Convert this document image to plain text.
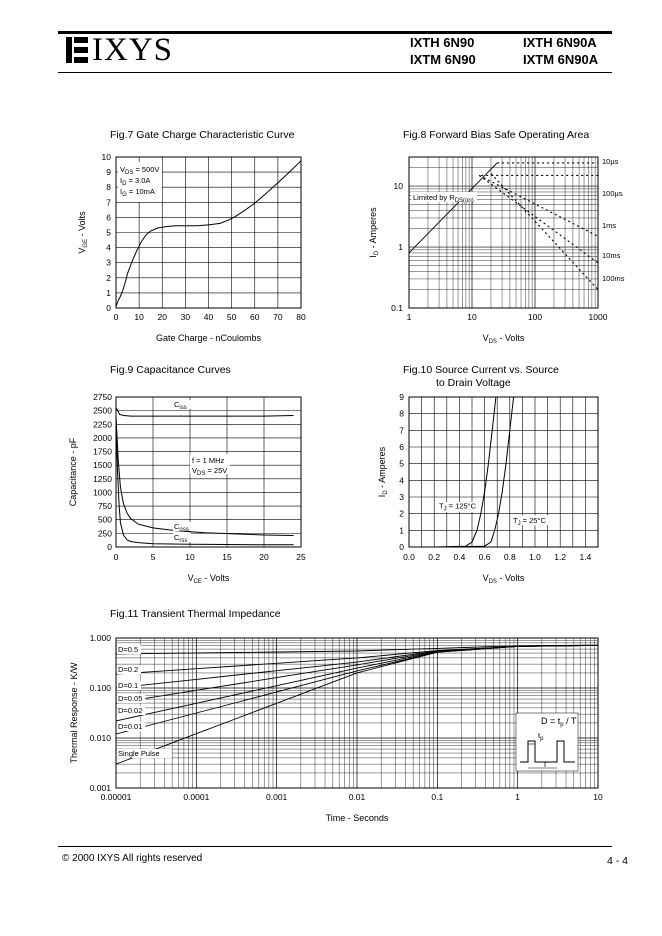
IXYS	IXTH 6N90	IXTH 6N90A
IXTM 6N90	IXTM 6N90A
Fig.7 Gate Charge Characteristic Curve	Fig.8 Forward Bias Safe Operating Area
Fig.9 Capacitance Curves	Fig.10 Source Current vs. Source
to Drain Voltage
Fig.11 Transient Thermal Impedance
0 10 20 30 40 50 60 70 80
0
1
2
3
4
5
6
7
8
9
10
$V_{DS} = 500V$
$I_D = 3.0A$
$I_G = 10mA$
Gate Charge - nCoulombs
$V_{GE}$ - Volts
1	10	100	1000
0.1
1
10
10µs
100µs
1ms
10ms
100ms
Limited by $R_{DS(on)}$
$V_{DS}$ - Volts
$I_D$ - Amperes
0	5	10	15	20	25
0
250
500
750
1000
1250
1500
1750
2000
2250
2500
2750
f = 1 MHz
$V_{DS} = 25V$
$C_{iss}$
$C_{oss}$
$C_{rss}$
$V_{CE}$ - Volts
Capacitance - pF
0.0 0.2 0.4 0.6 0.8 1.0 1.2 1.4
0
1
2
3
4
5
6
7
8
9
$T_J = 125^\circ C$
$T_J = 25^\circ C$
$V_{DS}$ - Volts
$I_D$ - Amperes
0.00001	0.0001	0.001	0.01	0.1	1	10
0.001
0.010
0.100
1.000
D=0.5
D=0.2
D=0.1
D=0.05
D=0.02
D=0.01
Single Pulse
$D = t_p / T$
$t_p$
T
Time - Seconds
Thermal Response - K/W
© 2000 IXYS All rights reserved	4 - 4
